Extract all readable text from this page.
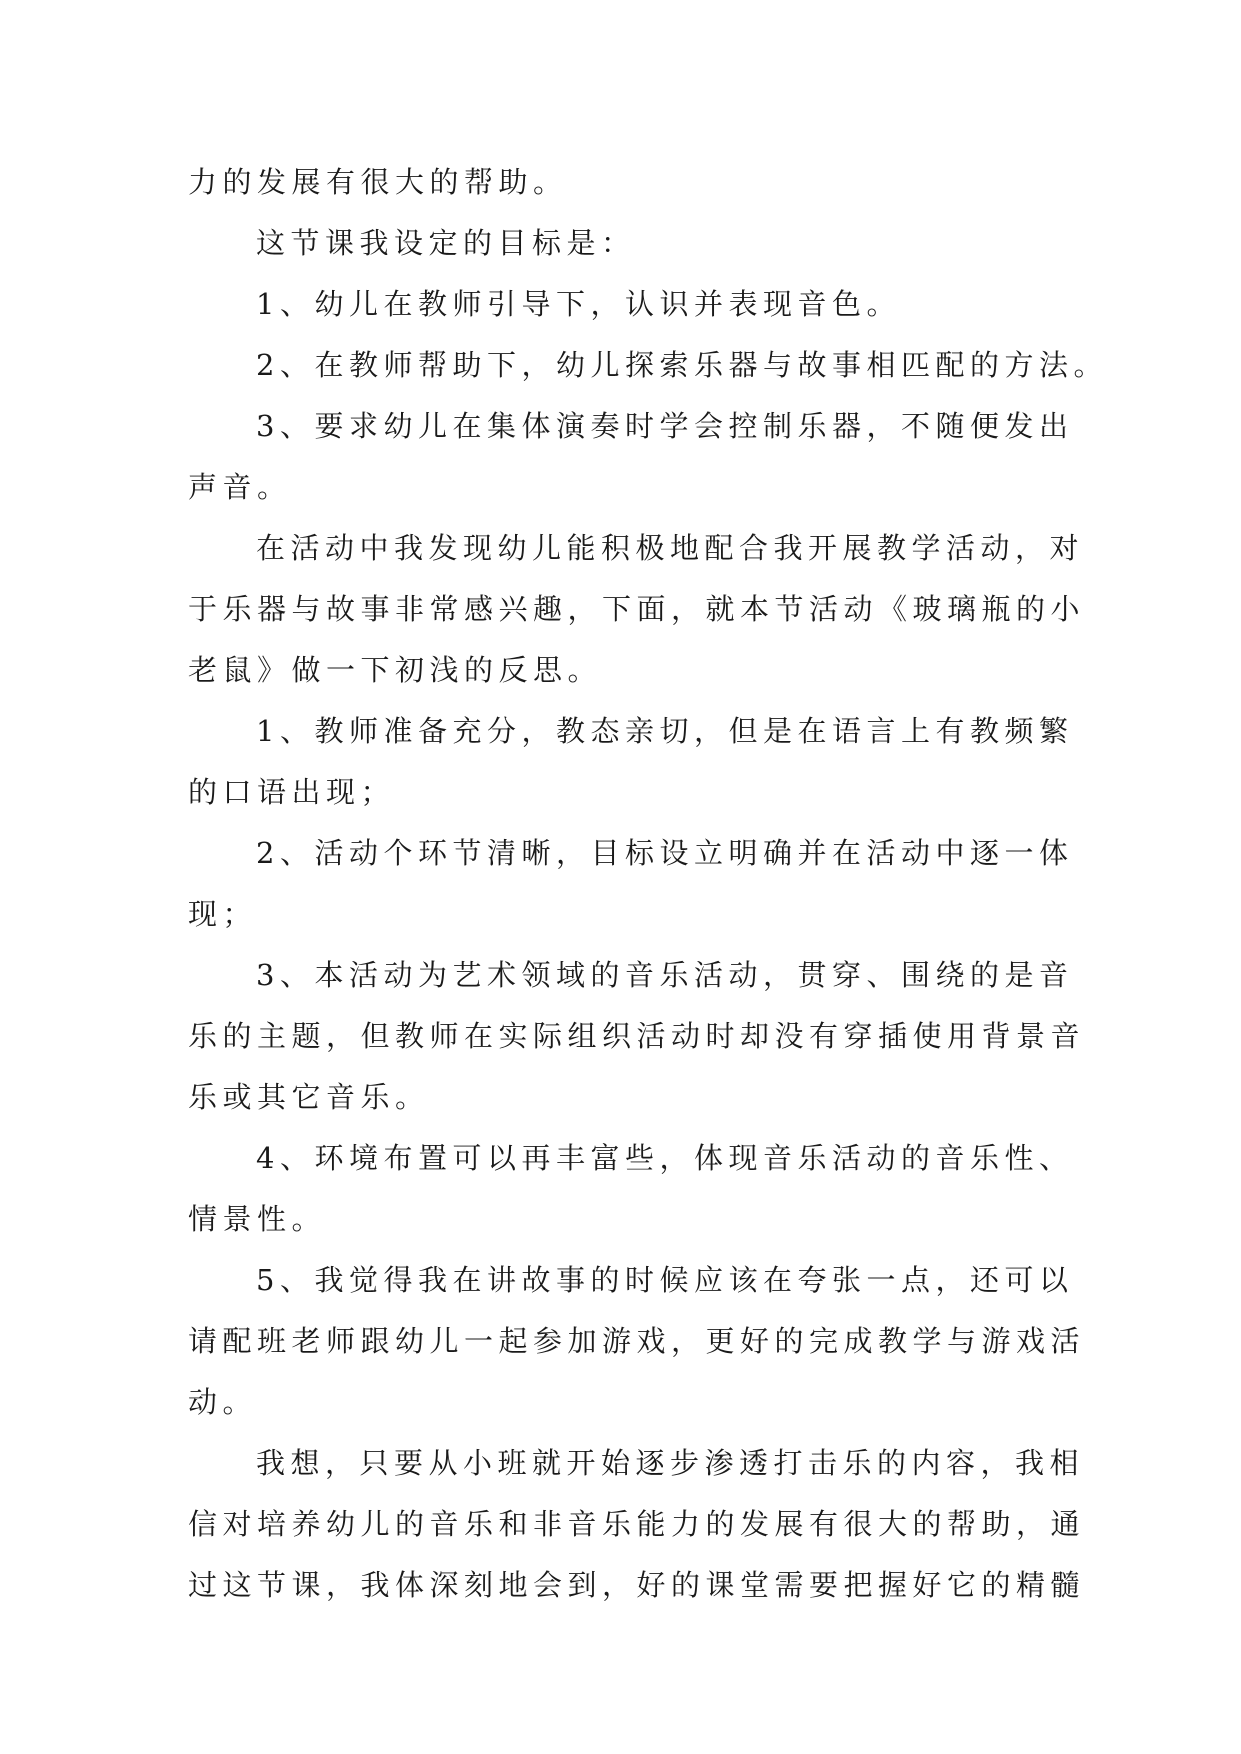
力的发展有很大的帮助。

这节课我设定的目标是：

1、幼儿在教师引导下，认识并表现音色。

2、在教师帮助下，幼儿探索乐器与故事相匹配的方法。

3、要求幼儿在集体演奏时学会控制乐器，不随便发出

声音。

在活动中我发现幼儿能积极地配合我开展教学活动，对

于乐器与故事非常感兴趣，下面，就本节活动《玻璃瓶的小

老鼠》做一下初浅的反思。

1、教师准备充分，教态亲切，但是在语言上有教频繁

的口语出现；

2、活动个环节清晰，目标设立明确并在活动中逐一体

现；

3、本活动为艺术领域的音乐活动，贯穿、围绕的是音

乐的主题，但教师在实际组织活动时却没有穿插使用背景音

乐或其它音乐。

4、环境布置可以再丰富些，体现音乐活动的音乐性、

情景性。

5、我觉得我在讲故事的时候应该在夸张一点，还可以

请配班老师跟幼儿一起参加游戏，更好的完成教学与游戏活

动。

我想，只要从小班就开始逐步渗透打击乐的内容，我相

信对培养幼儿的音乐和非音乐能力的发展有很大的帮助，通

过这节课，我体深刻地会到，好的课堂需要把握好它的精髓
